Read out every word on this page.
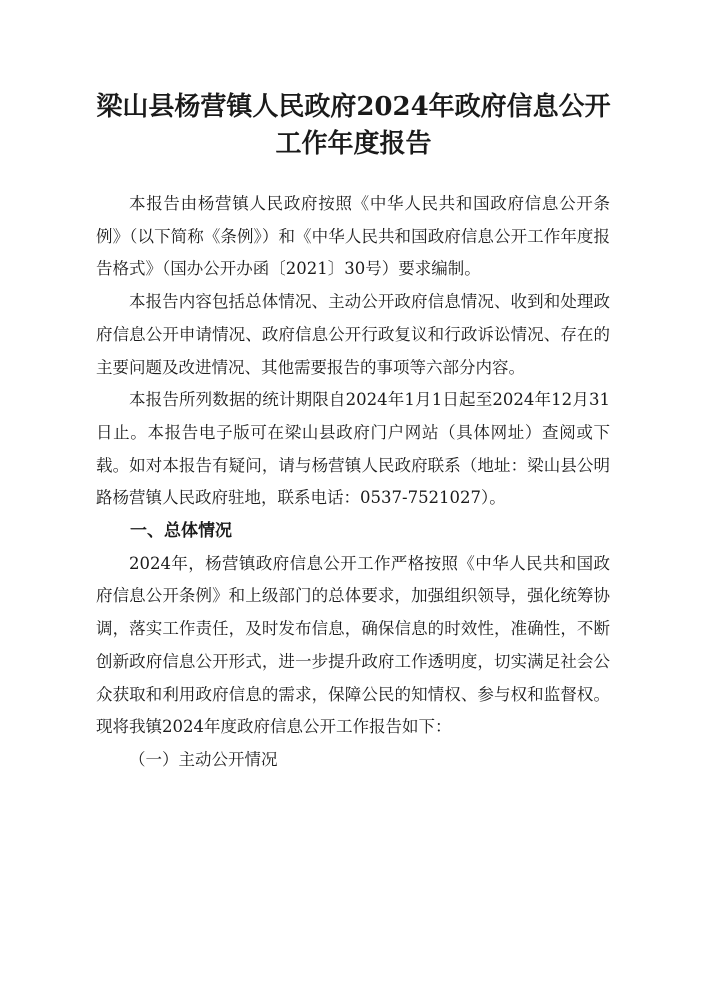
梁山县杨营镇人民政府2024年政府信息公开
工作年度报告

本报告由杨营镇人民政府按照《中华人民共和国政府信息公开条例》（以下简称《条例》）和《中华人民共和国政府信息公开工作年度报告格式》（国办公开办函〔2021〕30号）要求编制。

本报告内容包括总体情况、主动公开政府信息情况、收到和处理政府信息公开申请情况、政府信息公开行政复议和行政诉讼情况、存在的主要问题及改进情况、其他需要报告的事项等六部分内容。

本报告所列数据的统计期限自2024年1月1日起至2024年12月31日止。本报告电子版可在梁山县政府门户网站（具体网址）查阅或下载。如对本报告有疑问，请与杨营镇人民政府联系（地址：梁山县公明路杨营镇人民政府驻地，联系电话：0537-7521027）。

一、总体情况

2024年，杨营镇政府信息公开工作严格按照《中华人民共和国政府信息公开条例》和上级部门的总体要求，加强组织领导，强化统筹协调，落实工作责任，及时发布信息，确保信息的时效性，准确性，不断创新政府信息公开形式，进一步提升政府工作透明度，切实满足社会公众获取和利用政府信息的需求，保障公民的知情权、参与权和监督权。现将我镇2024年度政府信息公开工作报告如下：

（一）主动公开情况
